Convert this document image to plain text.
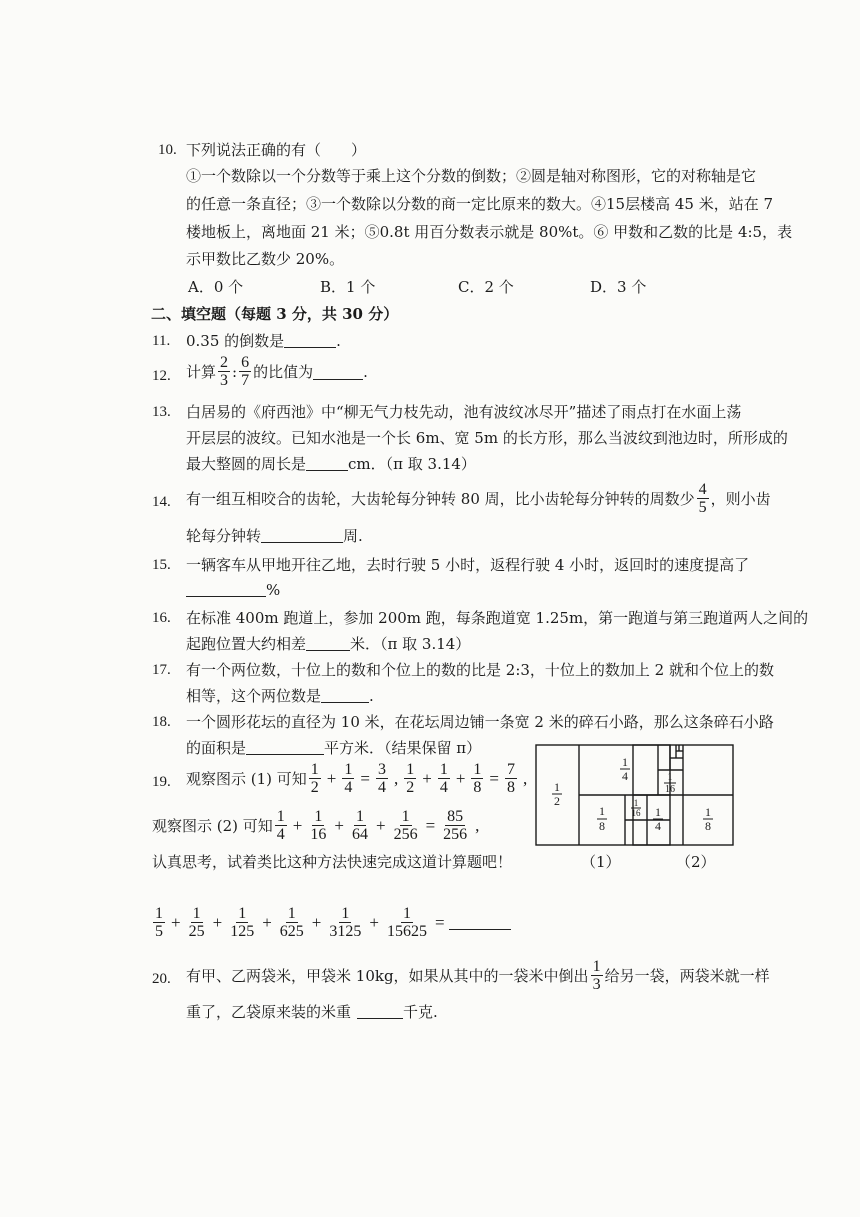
10. 下列说法正确的有（　　）
①一个数除以一个分数等于乘上这个分数的倒数；②圆是轴对称图形，它的对称轴是它
的任意一条直径；③一个数除以分数的商一定比原来的数大。④15层楼高 45 米，站在 7
楼地板上，离地面 21 米；⑤0.8t 用百分数表示就是 80%t。⑥ 甲数和乙数的比是 4:5，表
示甲数比乙数少 20%。
A．0 个	B．1 个	C．2 个	D．3 个
二、填空题（每题 3 分，共 30 分）
11. 0.35 的倒数是	.
12. 计算 $\frac{2}{3}$ : $\frac{6}{7}$ 的比值为	.
13. 白居易的《府西池》中“柳无气力枝先动，池有波纹冰尽开”描述了雨点打在水面上荡
开层层的波纹。已知水池是一个长 6m、宽 5m 的长方形，那么当波纹到池边时，所形成的
最大整圆的周长是	cm．（π 取 3.14）
14. 有一组互相咬合的齿轮，大齿轮每分钟转 80 周，比小齿轮每分钟转的周数少 $\frac{4}{5}$ ，则小齿
轮每分钟转	周.
15. 一辆客车从甲地开往乙地，去时行驶 5 小时，返程行驶 4 小时，返回时的速度提高了
%
16. 在标准 400m 跑道上，参加 200m 跑，每条跑道宽 1.25m，第一跑道与第三跑道两人之间的
起跑位置大约相差	米．（π 取 3.14）
17. 有一个两位数，十位上的数和个位上的数的比是 2:3，十位上的数加上 2 就和个位上的数
相等，这个两位数是	.
18. 一个圆形花坛的直径为 10 米，在花坛周边铺一条宽 2 米的碎石小路，那么这条碎石小路
的面积是	平方米．（结果保留 π）
19. 观察图示 (1) 可知 $\frac{1}{2} + \frac{1}{4} = \frac{3}{4}$ , $\frac{1}{2} + \frac{1}{4} + \frac{1}{8} = \frac{7}{8}$ ,
观察图示 (2) 可知 $\frac{1}{4} + \frac{1}{16} + \frac{1}{64} + \frac{1}{256} = \frac{85}{256}$ ,
认真思考，试着类比这种方法快速完成这道计算题吧！
$\frac{1}{5} + \frac{1}{25} + \frac{1}{125} + \frac{1}{625} + \frac{1}{3125} + \frac{1}{15625}$ =
1
2
1
4
1
8
1
16
（1）
1
4
1
8
1
16
（2）
20. 有甲、乙两袋米，甲袋米 10kg，如果从其中的一袋米中倒出 $\frac{1}{3}$ 给另一袋，两袋米就一样
重了，乙袋原来装的米重	千克.
